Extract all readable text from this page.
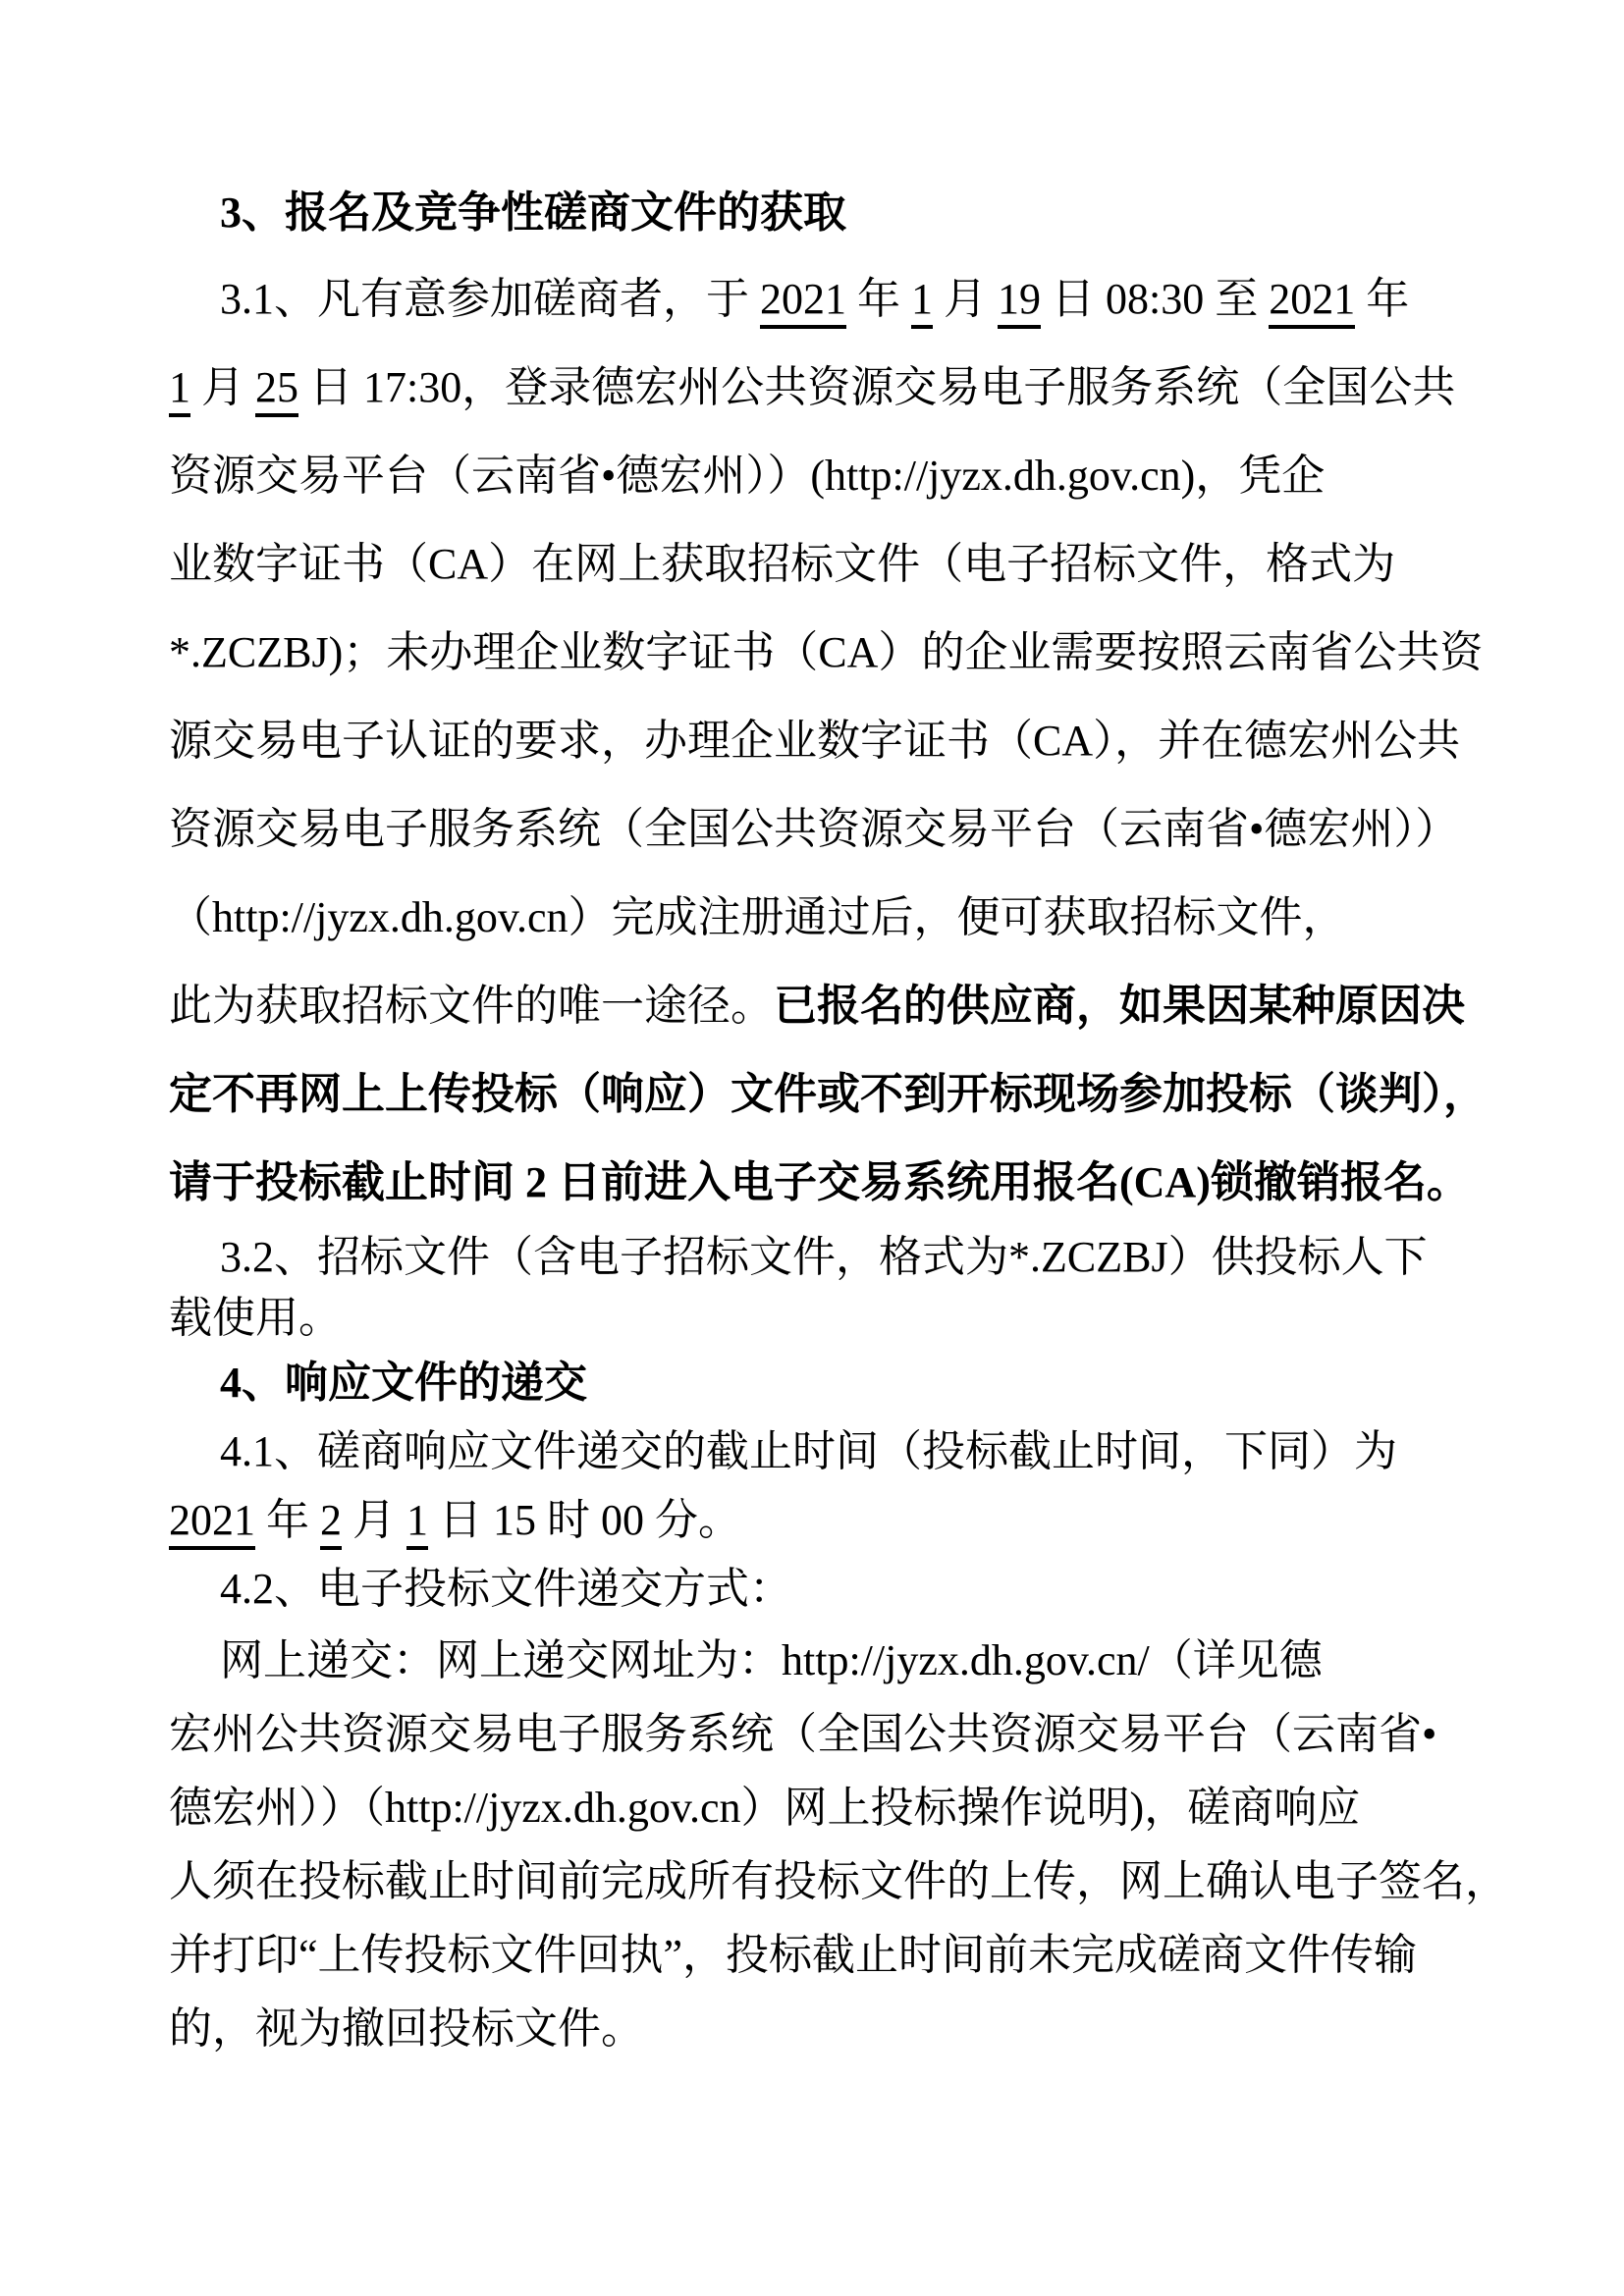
3、报名及竞争性磋商文件的获取
3.1、凡有意参加磋商者，于 2021 年 1 月 19 日 08:30 至 2021 年
1 月 25 日 17:30，登录德宏州公共资源交易电子服务系统（全国公共
资源交易平台（云南省•德宏州））(http://jyzx.dh.gov.cn)，凭企
业数字证书（CA）在网上获取招标文件（电子招标文件，格式为
*.ZCZBJ)；未办理企业数字证书（CA）的企业需要按照云南省公共资
源交易电子认证的要求，办理企业数字证书（CA），并在德宏州公共
资源交易电子服务系统（全国公共资源交易平台（云南省•德宏州））
（http://jyzx.dh.gov.cn）完成注册通过后，便可获取招标文件，
此为获取招标文件的唯一途径。已报名的供应商，如果因某种原因决
定不再网上上传投标（响应）文件或不到开标现场参加投标（谈判），
请于投标截止时间 2 日前进入电子交易系统用报名(CA)锁撤销报名。
3.2、招标文件（含电子招标文件，格式为*.ZCZBJ）供投标人下
载使用。
4、响应文件的递交
4.1、磋商响应文件递交的截止时间（投标截止时间，下同）为
2021 年 2 月 1 日 15 时 00 分。
4.2、电子投标文件递交方式：
网上递交：网上递交网址为：http://jyzx.dh.gov.cn/（详见德
宏州公共资源交易电子服务系统（全国公共资源交易平台（云南省•
德宏州））（http://jyzx.dh.gov.cn）网上投标操作说明)，磋商响应
人须在投标截止时间前完成所有投标文件的上传，网上确认电子签名，
并打印“上传投标文件回执”，投标截止时间前未完成磋商文件传输
的，视为撤回投标文件。
